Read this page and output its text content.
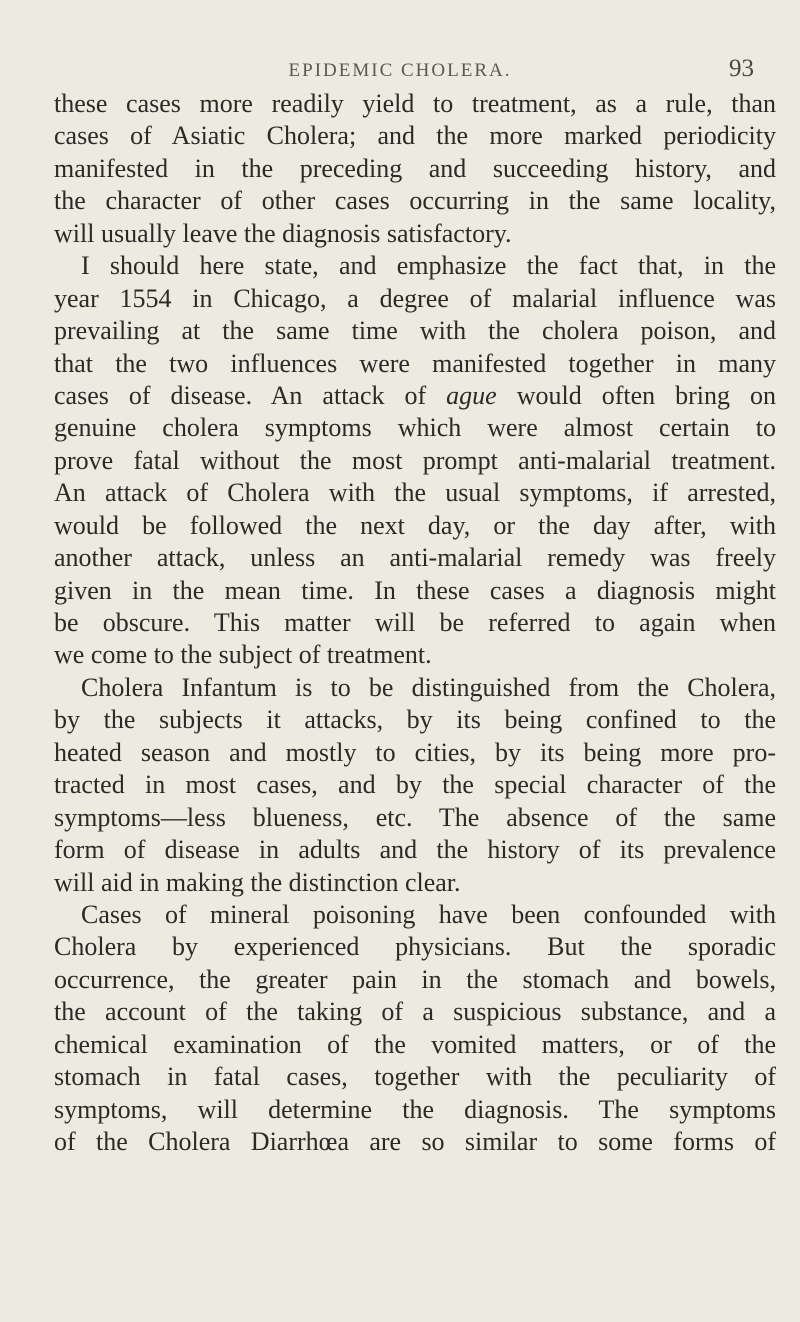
EPIDEMIC CHOLERA.	93
these cases more readily yield to treatment, as a rule, than
cases of Asiatic Cholera; and the more marked periodicity
manifested in the preceding and succeeding history, and
the character of other cases occurring in the same locality,
will usually leave the diagnosis satisfactory.
I should here state, and emphasize the fact that, in the
year 1554 in Chicago, a degree of malarial influence was
prevailing at the same time with the cholera poison, and
that the two influences were manifested together in many
cases of disease. An attack of ague would often bring on
genuine cholera symptoms which were almost certain to
prove fatal without the most prompt anti-malarial treatment.
An attack of Cholera with the usual symptoms, if arrested,
would be followed the next day, or the day after, with
another attack, unless an anti-malarial remedy was freely
given in the mean time. In these cases a diagnosis might
be obscure. This matter will be referred to again when
we come to the subject of treatment.
Cholera Infantum is to be distinguished from the Cholera,
by the subjects it attacks, by its being confined to the
heated season and mostly to cities, by its being more pro-
tracted in most cases, and by the special character of the
symptoms—less blueness, etc. The absence of the same
form of disease in adults and the history of its prevalence
will aid in making the distinction clear.
Cases of mineral poisoning have been confounded with
Cholera by experienced physicians. But the sporadic
occurrence, the greater pain in the stomach and bowels,
the account of the taking of a suspicious substance, and a
chemical examination of the vomited matters, or of the
stomach in fatal cases, together with the peculiarity of
symptoms, will determine the diagnosis. The symptoms
of the Cholera Diarrhœa are so similar to some forms of
